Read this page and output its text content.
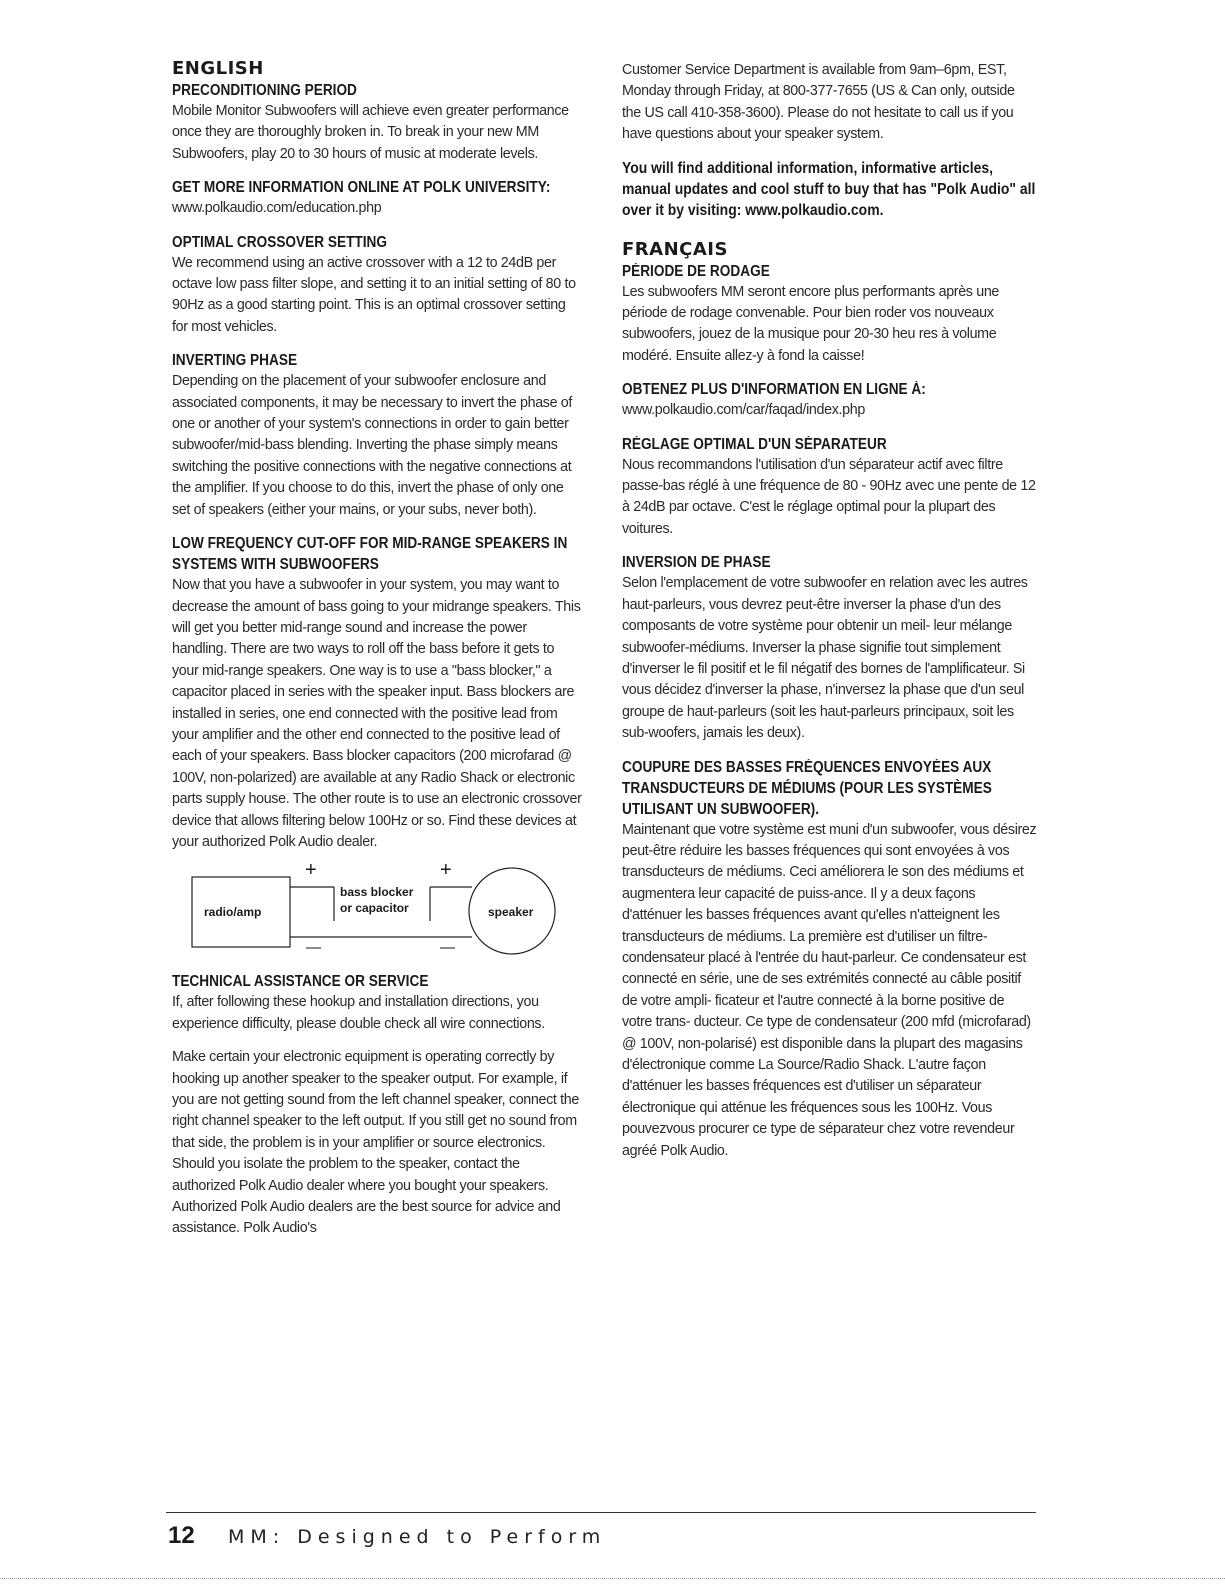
ENGLISH
PRECONDITIONING PERIOD

Mobile Monitor Subwoofers will achieve even greater performance once they are thoroughly broken in. To break in your new MM Subwoofers, play 20 to 30 hours of music at moderate levels.

GET MORE INFORMATION ONLINE AT POLK UNIVERSITY:

www.polkaudio.com/education.php

OPTIMAL CROSSOVER SETTING

We recommend using an active crossover with a 12 to 24dB per octave low pass filter slope, and setting it to an initial setting of 80 to 90Hz as a good starting point. This is an optimal crossover setting for most vehicles.

INVERTING PHASE

Depending on the placement of your subwoofer enclosure and associated components, it may be necessary to invert the phase of one or another of your system's connections in order to gain better subwoofer/mid-bass blending. Inverting the phase simply means switching the positive connections with the negative connections at the amplifier. If you choose to do this, invert the phase of only one set of speakers (either your mains, or your subs, never both).

LOW FREQUENCY CUT-OFF FOR MID-RANGE SPEAKERS IN SYSTEMS WITH SUBWOOFERS

Now that you have a subwoofer in your system, you may want to decrease the amount of bass going to your midrange speakers. This will get you better mid-range sound and increase the power handling. There are two ways to roll off the bass before it gets to your mid-range speakers. One way is to use a "bass blocker," a capacitor placed in series with the speaker input. Bass blockers are installed in series, one end connected with the positive lead from your amplifier and the other end connected to the positive lead of each of your speakers. Bass blocker capacitors (200 microfarad @ 100V, non-polarized) are available at any Radio Shack or electronic parts supply house. The other route is to use an electronic crossover device that allows filtering below 100Hz or so. Find these devices at your authorized Polk Audio dealer.

+	+
—	—
radio/amp
bass blocker
or capacitor	speaker
TECHNICAL ASSISTANCE OR SERVICE

If, after following these hookup and installation directions, you experience difficulty, please double check all wire connections.

Make certain your electronic equipment is operating correctly by hooking up another speaker to the speaker output. For example, if you are not getting sound from the left channel speaker, connect the right channel speaker to the left output. If you still get no sound from that side, the problem is in your amplifier or source electronics. Should you isolate the problem to the speaker, contact the authorized Polk Audio dealer where you bought your speakers. Authorized Polk Audio dealers are the best source for advice and assistance. Polk Audio's

Customer Service Department is available from 9am–6pm, EST, Monday through Friday, at 800-377-7655 (US & Can only, outside the US call 410-358-3600). Please do not hesitate to call us if you have questions about your speaker system.

You will find additional information, informative articles, manual updates and cool stuff to buy that has "Polk Audio" all over it by visiting: www.polkaudio.com.

FRANÇAIS
PÉRIODE DE RODAGE

Les subwoofers MM seront encore plus performants après une période de rodage convenable. Pour bien roder vos nouveaux subwoofers, jouez de la musique pour 20-30 heu res à volume modéré. Ensuite allez-y à fond la caisse!

OBTENEZ PLUS D'INFORMATION EN LIGNE À:

www.polkaudio.com/car/faqad/index.php

RÉGLAGE OPTIMAL D'UN SÉPARATEUR

Nous recommandons l'utilisation d'un séparateur actif avec filtre passe-bas réglé à une fréquence de 80 - 90Hz avec une pente de 12 à 24dB par octave. C'est le réglage optimal pour la plupart des voitures.

INVERSION DE PHASE

Selon l'emplacement de votre subwoofer en relation avec les autres haut-parleurs, vous devrez peut-être inverser la phase d'un des composants de votre système pour obtenir un meil- leur mélange subwoofer-médiums. Inverser la phase signifie tout simplement d'inverser le fil positif et le fil négatif des bornes de l'amplificateur. Si vous décidez d'inverser la phase, n'inversez la phase que d'un seul groupe de haut-parleurs (soit les haut-parleurs principaux, soit les sub-woofers, jamais les deux).

COUPURE DES BASSES FRÉQUENCES ENVOYÉES AUX TRANSDUCTEURS DE MÉDIUMS (POUR LES SYSTÈMES UTILISANT UN SUBWOOFER).

Maintenant que votre système est muni d'un subwoofer, vous désirez peut-être réduire les basses fréquences qui sont envoyées à vos transducteurs de médiums. Ceci améliorera le son des médiums et augmentera leur capacité de puiss-ance. Il y a deux façons d'atténuer les basses fréquences avant qu'elles n'atteignent les transducteurs de médiums. La première est d'utiliser un filtre-condensateur placé à l'entrée du haut-parleur. Ce condensateur est connecté en série, une de ses extrémités connecté au câble positif de votre ampli- ficateur et l'autre connecté à la borne positive de votre trans- ducteur. Ce type de condensateur (200 mfd (microfarad) @ 100V, non-polarisé) est disponible dans la plupart des magasins d'électronique comme La Source/Radio Shack. L'autre façon d'atténuer les basses fréquences est d'utiliser un séparateur électronique qui atténue les fréquences sous les 100Hz. Vous pouvezvous procurer ce type de séparateur chez votre revendeur agréé Polk Audio.

12 MM: Designed to Perform
